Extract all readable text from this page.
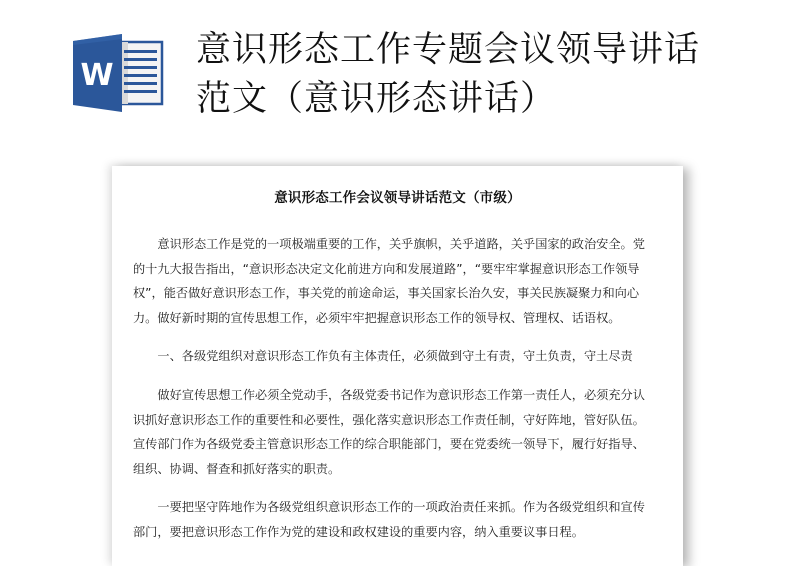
W
意识形态工作专题会议领导讲话
范文（意识形态讲话）
意识形态工作会议领导讲话范文（市级）
意识形态工作是党的一项极端重要的工作，关乎旗帜，关乎道路，关乎国家的政治安全。党
的十九大报告指出，“意识形态决定文化前进方向和发展道路”，“要牢牢掌握意识形态工作领导
权”，能否做好意识形态工作，事关党的前途命运，事关国家长治久安，事关民族凝聚力和向心
力。做好新时期的宣传思想工作，必须牢牢把握意识形态工作的领导权、管理权、话语权。
一、各级党组织对意识形态工作负有主体责任，必须做到守土有责，守土负责，守土尽责
做好宣传思想工作必须全党动手，各级党委书记作为意识形态工作第一责任人，必须充分认
识抓好意识形态工作的重要性和必要性，强化落实意识形态工作责任制，守好阵地，管好队伍。
宣传部门作为各级党委主管意识形态工作的综合职能部门，要在党委统一领导下，履行好指导、
组织、协调、督查和抓好落实的职责。
一要把坚守阵地作为各级党组织意识形态工作的一项政治责任来抓。作为各级党组织和宣传
部门，要把意识形态工作作为党的建设和政权建设的重要内容，纳入重要议事日程。
